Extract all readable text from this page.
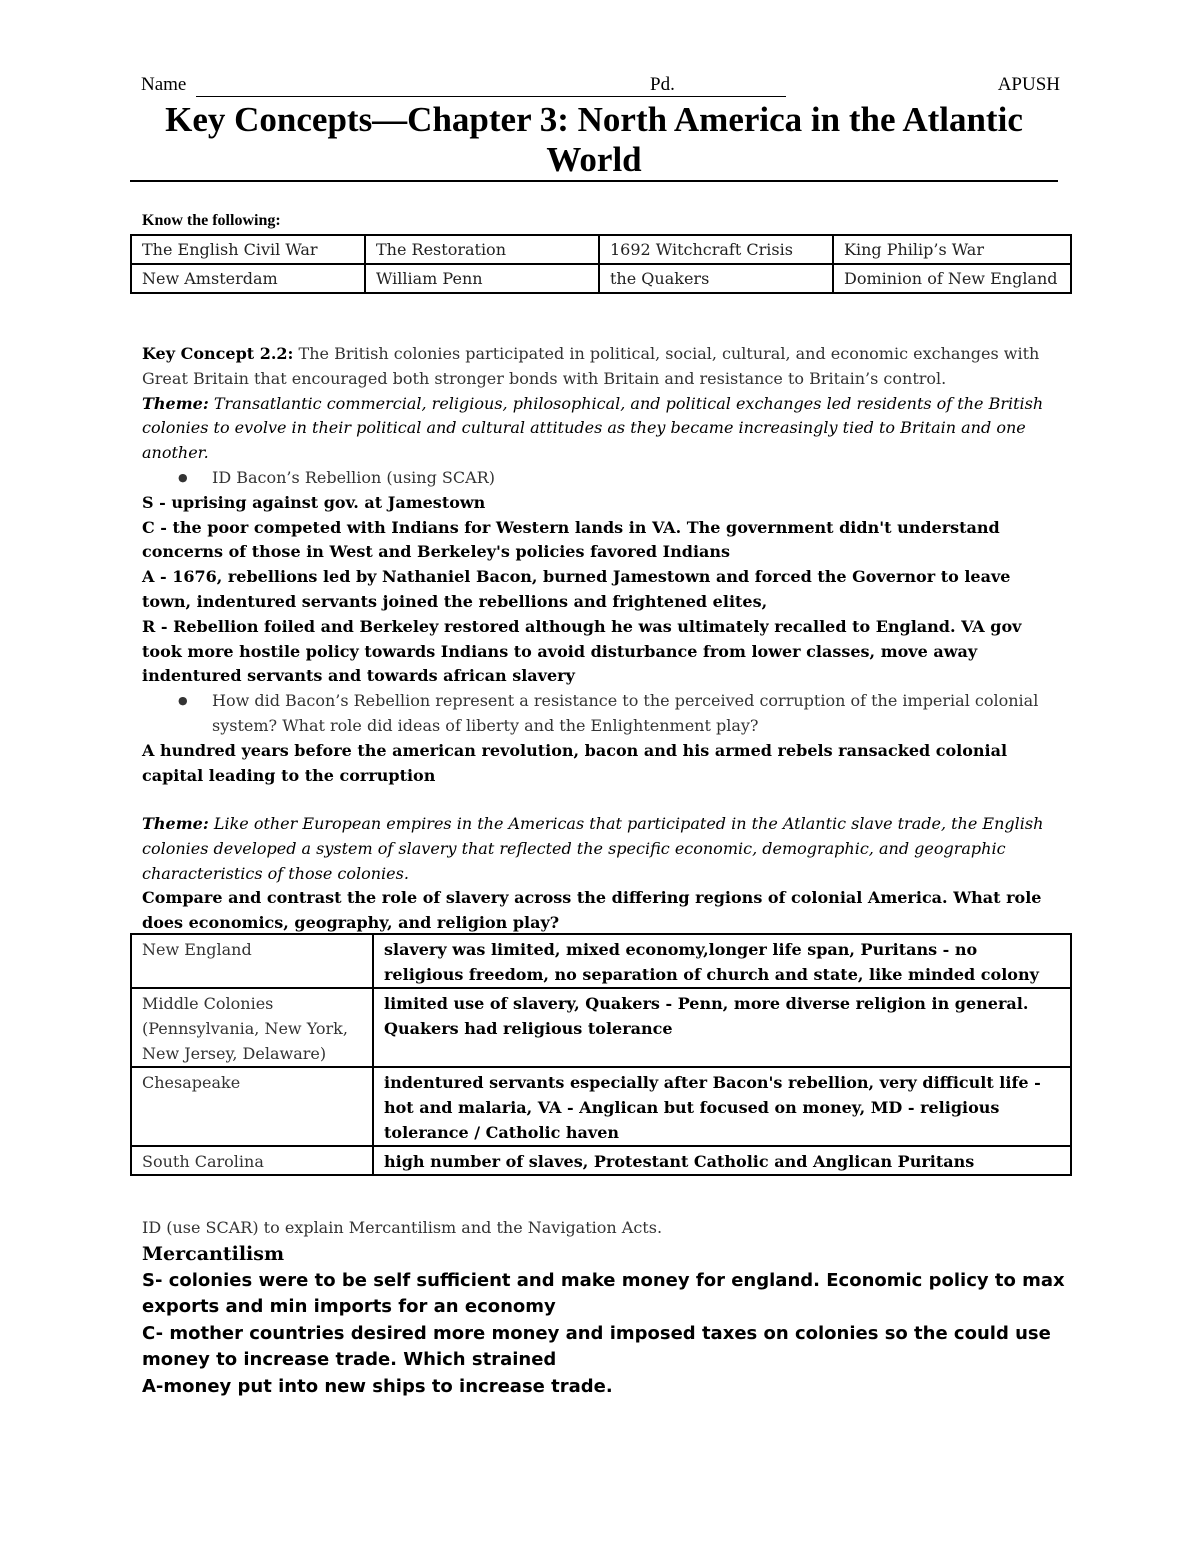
Name	Pd.	APUSH
Key Concepts—Chapter 3: North America in the Atlantic World
Know the following:
The English Civil War	The Restoration	1692 Witchcraft Crisis	King Philip’s War
New Amsterdam	William Penn	the Quakers	Dominion of New England
Key Concept 2.2: The British colonies participated in political, social, cultural, and economic exchanges with Great Britain that encouraged both stronger bonds with Britain and resistance to Britain’s control.
Theme: Transatlantic commercial, religious, philosophical, and political exchanges led residents of the British colonies to evolve in their political and cultural attitudes as they became increasingly tied to Britain and one another.
● ID Bacon’s Rebellion (using SCAR)
S - uprising against gov. at Jamestown
C - the poor competed with Indians for Western lands in VA. The government didn't understand concerns of those in West and Berkeley's policies favored Indians
A - 1676, rebellions led by Nathaniel Bacon, burned Jamestown and forced the Governor to leave town, indentured servants joined the rebellions and frightened elites,
R - Rebellion foiled and Berkeley restored although he was ultimately recalled to England. VA gov took more hostile policy towards Indians to avoid disturbance from lower classes, move away indentured servants and towards african slavery
● How did Bacon’s Rebellion represent a resistance to the perceived corruption of the imperial colonial system? What role did ideas of liberty and the Enlightenment play?
A hundred years before the american revolution, bacon and his armed rebels ransacked colonial capital leading to the corruption
Theme: Like other European empires in the Americas that participated in the Atlantic slave trade, the English colonies developed a system of slavery that reflected the specific economic, demographic, and geographic characteristics of those colonies.
Compare and contrast the role of slavery across the differing regions of colonial America. What role does economics, geography, and religion play?
New England	slavery was limited, mixed economy,longer life span, Puritans - no religious freedom, no separation of church and state, like minded colony
Middle Colonies (Pennsylvania, New York, New Jersey, Delaware)	limited use of slavery, Quakers - Penn, more diverse religion in general. Quakers had religious tolerance
Chesapeake	indentured servants especially after Bacon's rebellion, very difficult life - hot and malaria, VA - Anglican but focused on money, MD - religious tolerance / Catholic haven
South Carolina	high number of slaves, Protestant Catholic and Anglican Puritans
ID (use SCAR) to explain Mercantilism and the Navigation Acts.
Mercantilism
S- colonies were to be self sufficient and make money for england. Economic policy to max exports and min imports for an economy
C- mother countries desired more money and imposed taxes on colonies so the could use money to increase trade. Which strained
A-money put into new ships to increase trade.
